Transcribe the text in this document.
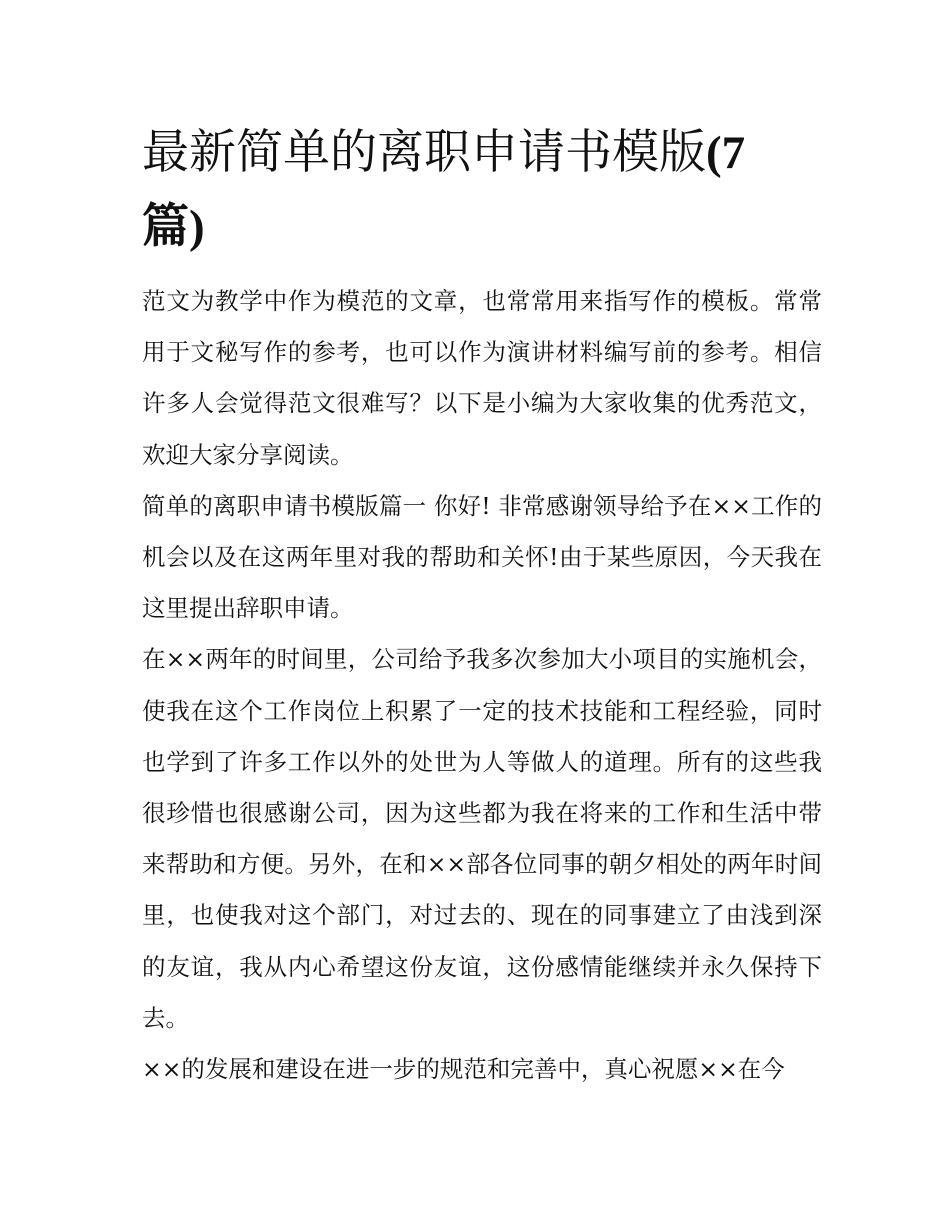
最新简单的离职申请书模版(7
篇)

范文为教学中作为模范的文章，也常常用来指写作的模板。常常用于文秘写作的参考，也可以作为演讲材料编写前的参考。相信许多人会觉得范文很难写？以下是小编为大家收集的优秀范文，欢迎大家分享阅读。

简单的离职申请书模版篇一 你好! 非常感谢领导给予在××工作的机会以及在这两年里对我的帮助和关怀!由于某些原因，今天我在这里提出辞职申请。

在××两年的时间里，公司给予我多次参加大小项目的实施机会，使我在这个工作岗位上积累了一定的技术技能和工程经验，同时也学到了许多工作以外的处世为人等做人的道理。所有的这些我很珍惜也很感谢公司，因为这些都为我在将来的工作和生活中带来帮助和方便。另外，在和××部各位同事的朝夕相处的两年时间里，也使我对这个部门，对过去的、现在的同事建立了由浅到深的友谊，我从内心希望这份友谊，这份感情能继续并永久保持下去。

××的发展和建设在进一步的规范和完善中，真心祝愿××在今
